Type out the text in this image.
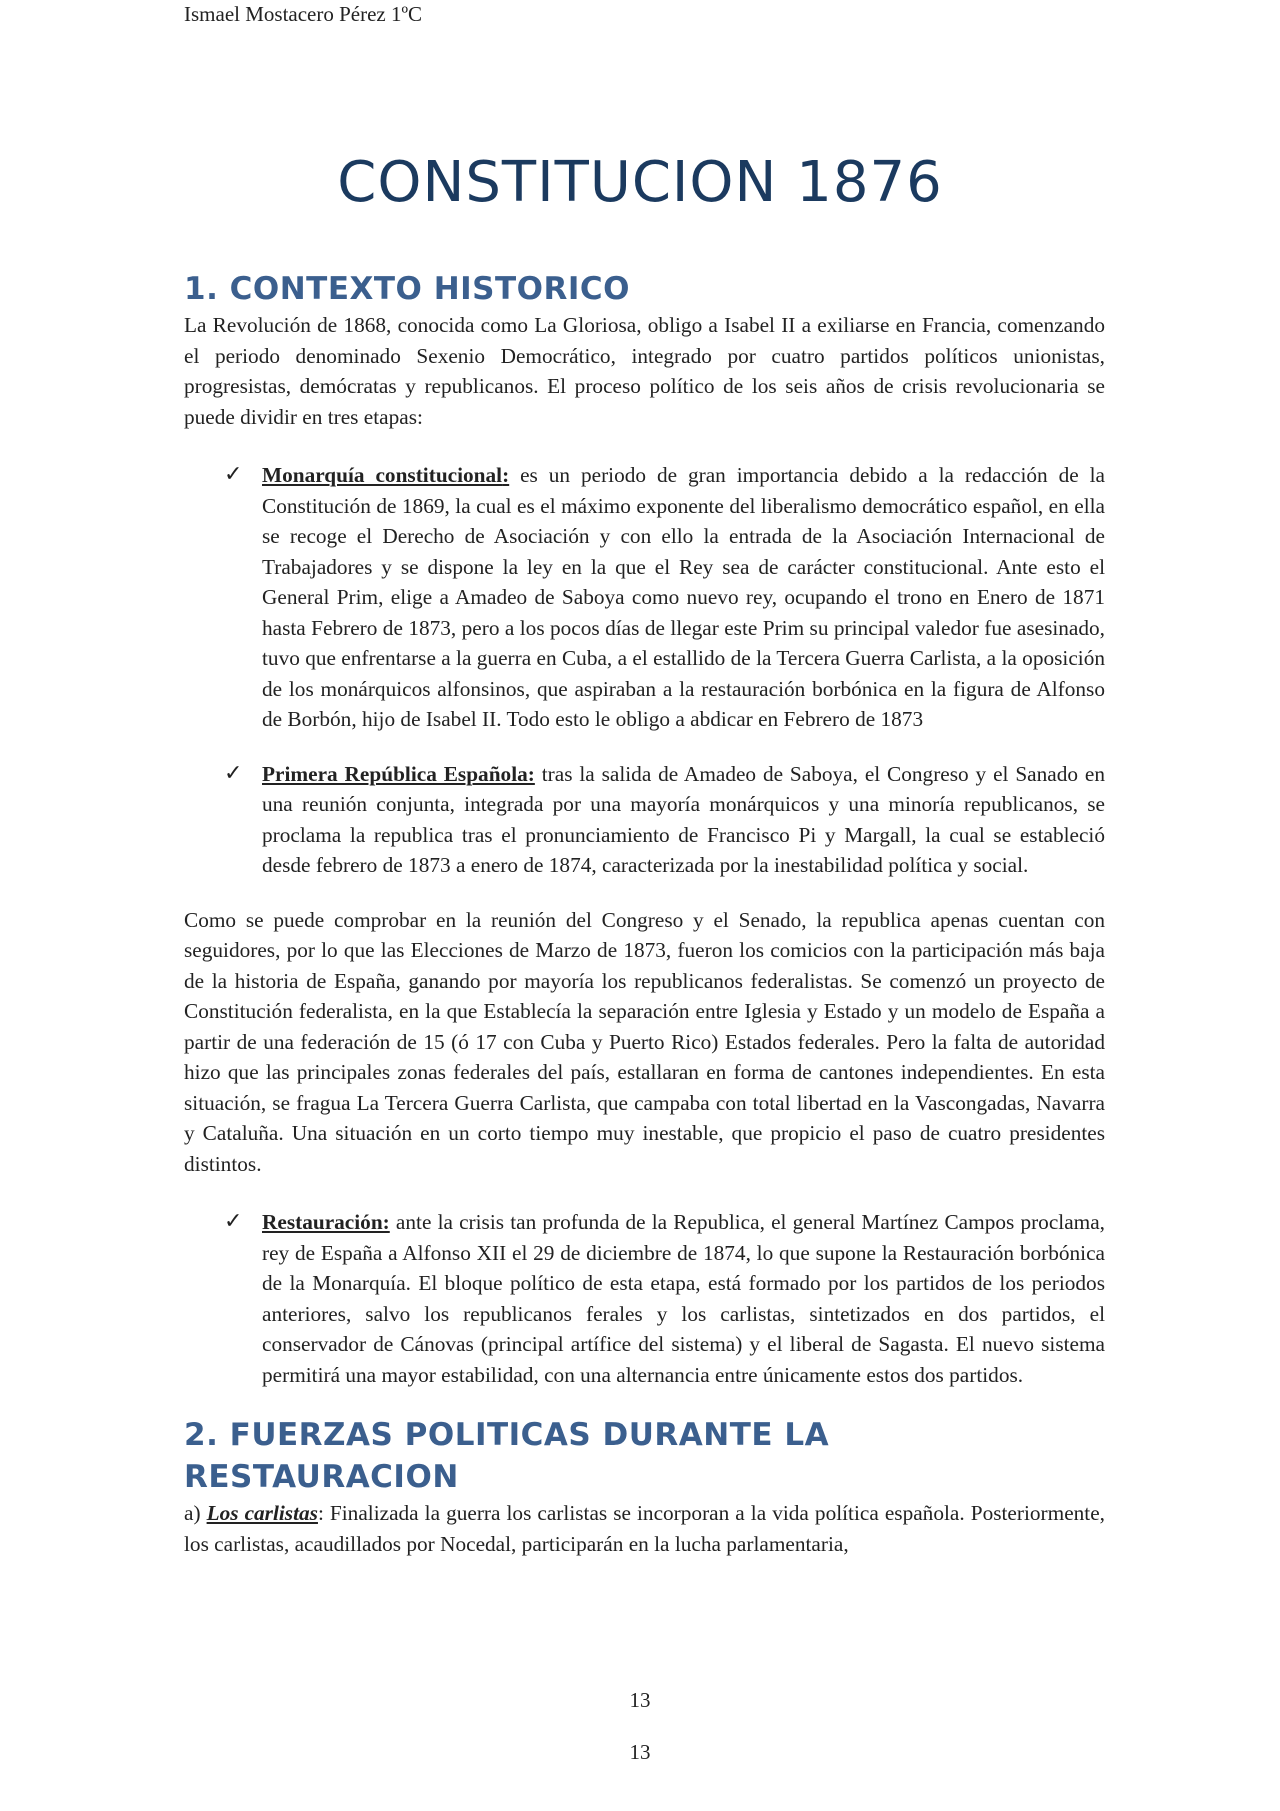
Ismael Mostacero Pérez 1ºC
CONSTITUCION 1876
1. CONTEXTO HISTORICO

La Revolución de 1868, conocida como La Gloriosa, obligo a Isabel II a exiliarse en Francia, comenzando el periodo denominado Sexenio Democrático, integrado por cuatro partidos políticos unionistas, progresistas, demócratas y republicanos. El proceso político de los seis años de crisis revolucionaria se puede dividir en tres etapas:

✓ Monarquía constitucional: es un periodo de gran importancia debido a la redacción de la Constitución de 1869, la cual es el máximo exponente del liberalismo democrático español, en ella se recoge el Derecho de Asociación y con ello la entrada de la Asociación Internacional de Trabajadores y se dispone la ley en la que el Rey sea de carácter constitucional. Ante esto el General Prim, elige a Amadeo de Saboya como nuevo rey, ocupando el trono en Enero de 1871 hasta Febrero de 1873, pero a los pocos días de llegar este Prim su principal valedor fue asesinado, tuvo que enfrentarse a la guerra en Cuba, a el estallido de la Tercera Guerra Carlista, a la oposición de los monárquicos alfonsinos, que aspiraban a la restauración borbónica en la figura de Alfonso de Borbón, hijo de Isabel II. Todo esto le obligo a abdicar en Febrero de 1873
✓ Primera República Española: tras la salida de Amadeo de Saboya, el Congreso y el Sanado en una reunión conjunta, integrada por una mayoría monárquicos y una minoría republicanos, se proclama la republica tras el pronunciamiento de Francisco Pi y Margall, la cual se estableció desde febrero de 1873 a enero de 1874, caracterizada por la inestabilidad política y social.

Como se puede comprobar en la reunión del Congreso y el Senado, la republica apenas cuentan con seguidores, por lo que las Elecciones de Marzo de 1873, fueron los comicios con la participación más baja de la historia de España, ganando por mayoría los republicanos federalistas. Se comenzó un proyecto de Constitución federalista, en la que Establecía la separación entre Iglesia y Estado y un modelo de España a partir de una federación de 15 (ó 17 con Cuba y Puerto Rico) Estados federales. Pero la falta de autoridad hizo que las principales zonas federales del país, estallaran en forma de cantones independientes. En esta situación, se fragua La Tercera Guerra Carlista, que campaba con total libertad en la Vascongadas, Navarra y Cataluña. Una situación en un corto tiempo muy inestable, que propicio el paso de cuatro presidentes distintos.

✓ Restauración: ante la crisis tan profunda de la Republica, el general Martínez Campos proclama, rey de España a Alfonso XII el 29 de diciembre de 1874, lo que supone la Restauración borbónica de la Monarquía. El bloque político de esta etapa, está formado por los partidos de los periodos anteriores, salvo los republicanos ferales y los carlistas, sintetizados en dos partidos, el conservador de Cánovas (principal artífice del sistema) y el liberal de Sagasta. El nuevo sistema permitirá una mayor estabilidad, con una alternancia entre únicamente estos dos partidos.
2. FUERZAS POLITICAS DURANTE LA RESTAURACION

a) Los carlistas: Finalizada la guerra los carlistas se incorporan a la vida política española. Posteriormente, los carlistas, acaudillados por Nocedal, participarán en la lucha parlamentaria,

13
13
